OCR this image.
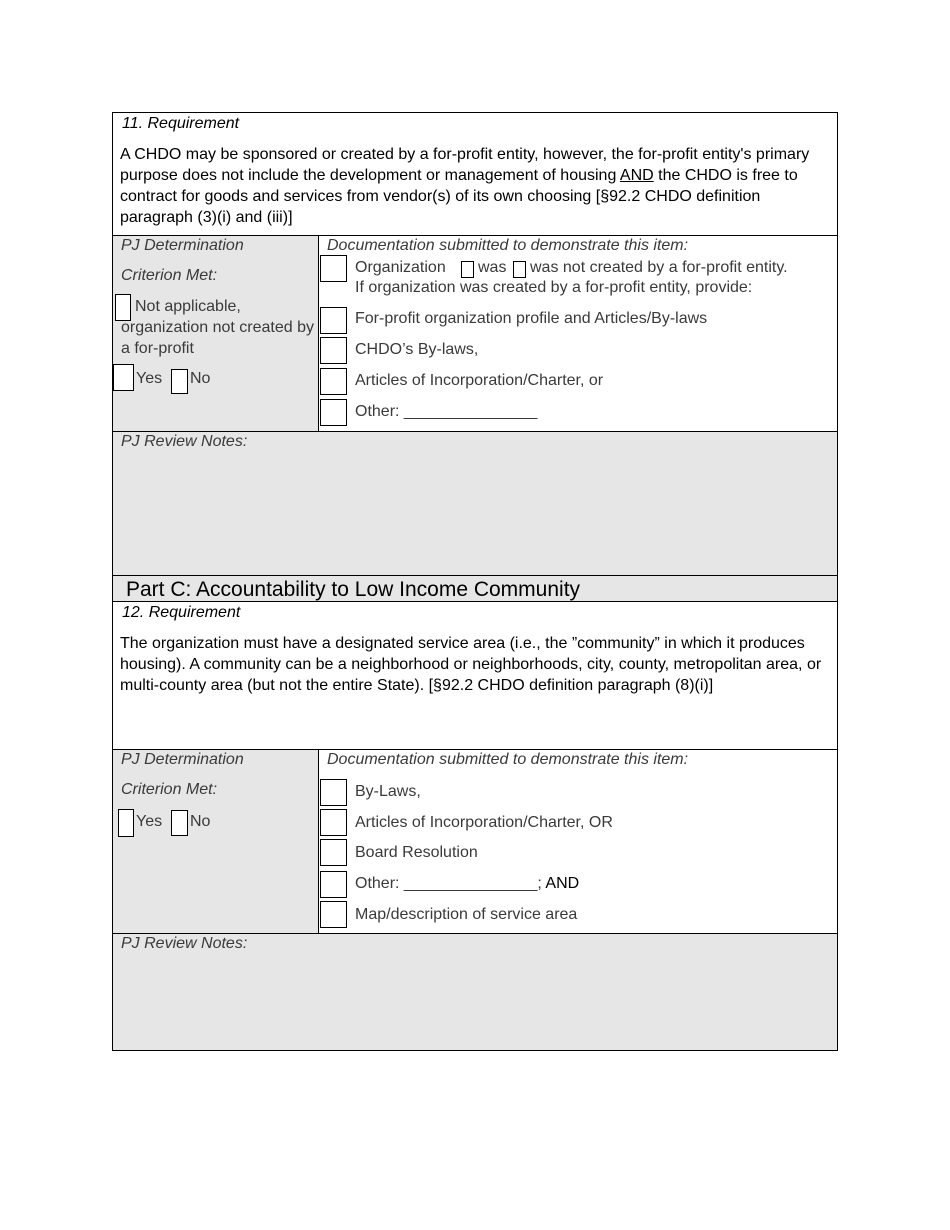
11. Requirement
A CHDO may be sponsored or created by a for-profit entity, however, the for-profit entity's primary purpose does not include the development or management of housing AND the CHDO is free to contract for goods and services from vendor(s) of its own choosing [§92.2 CHDO definition paragraph (3)(i) and (iii)]
PJ Determination
Criterion Met:
Not applicable, organization not created by a for-profit
Yes No
Documentation submitted to demonstrate this item:
Organization was was not created by a for-profit entity.
If organization was created by a for-profit entity, provide:
For-profit organization profile and Articles/By-laws
CHDO’s By-laws,
Articles of Incorporation/Charter, or
Other: _______________
PJ Review Notes:
Part C: Accountability to Low Income Community
12. Requirement
The organization must have a designated service area (i.e., the ”community” in which it produces housing). A community can be a neighborhood or neighborhoods, city, county, metropolitan area, or multi-county area (but not the entire State). [§92.2 CHDO definition paragraph (8)(i)]
PJ Determination
Criterion Met:
Yes No
Documentation submitted to demonstrate this item:
By-Laws,
Articles of Incorporation/Charter, OR
Board Resolution
Other: _______________; AND
Map/description of service area
PJ Review Notes:
